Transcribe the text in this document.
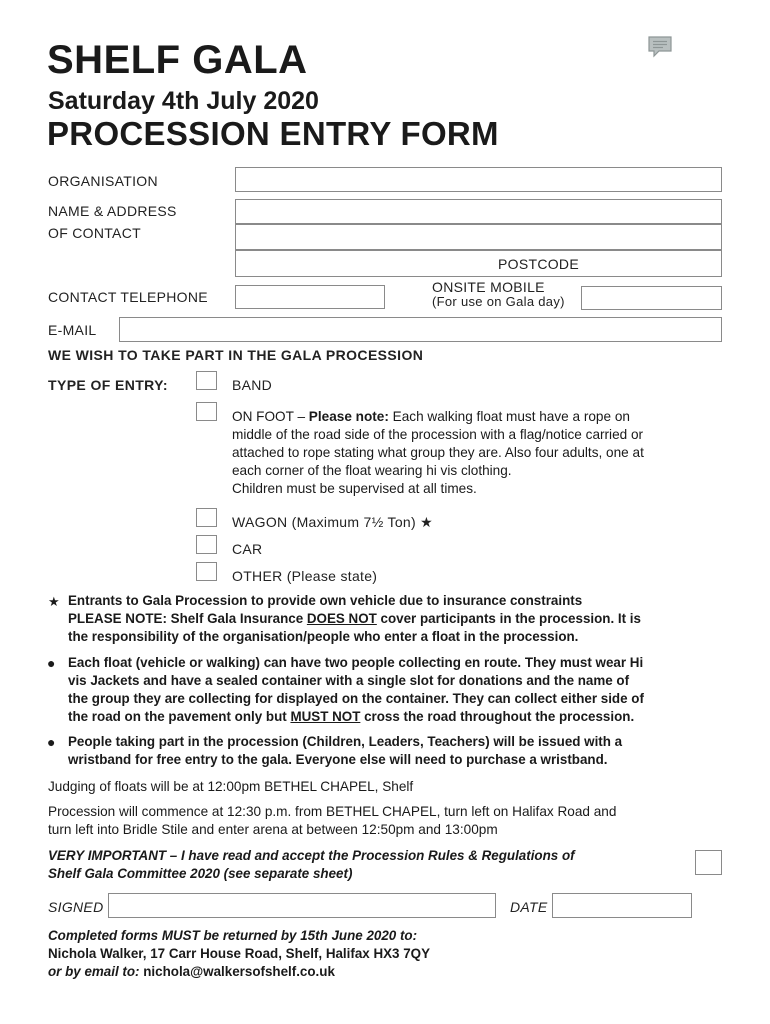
SHELF GALA
Saturday 4th July 2020
PROCESSION ENTRY FORM
ORGANISATION
NAME & ADDRESS
OF CONTACT
POSTCODE
CONTACT TELEPHONE
ONSITE MOBILE
(For use on Gala day)
E-MAIL
WE WISH TO TAKE PART IN THE GALA PROCESSION
TYPE OF ENTRY:	BAND
ON FOOT – Please note: Each walking float must have a rope on
middle of the road side of the procession with a flag/notice carried or
attached to rope stating what group they are. Also four adults, one at
each corner of the float wearing hi vis clothing.
Children must be supervised at all times.
WAGON (Maximum 7½ Ton) ★
CAR
OTHER (Please state)
★ Entrants to Gala Procession to provide own vehicle due to insurance constraints
PLEASE NOTE: Shelf Gala Insurance DOES NOT cover participants in the procession. It is
the responsibility of the organisation/people who enter a float in the procession.
● Each float (vehicle or walking) can have two people collecting en route. They must wear Hi
vis Jackets and have a sealed container with a single slot for donations and the name of
the group they are collecting for displayed on the container. They can collect either side of
the road on the pavement only but MUST NOT cross the road throughout the procession.
● People taking part in the procession (Children, Leaders, Teachers) will be issued with a
wristband for free entry to the gala. Everyone else will need to purchase a wristband.
Judging of floats will be at 12:00pm BETHEL CHAPEL, Shelf
Procession will commence at 12:30 p.m. from BETHEL CHAPEL, turn left on Halifax Road and
turn left into Bridle Stile and enter arena at between 12:50pm and 13:00pm
VERY IMPORTANT – I have read and accept the Procession Rules & Regulations of
Shelf Gala Committee 2020 (see separate sheet)
SIGNED	DATE
Completed forms MUST be returned by 15th June 2020 to:
Nichola Walker, 17 Carr House Road, Shelf, Halifax HX3 7QY
or by email to: nichola@walkersofshelf.co.uk
